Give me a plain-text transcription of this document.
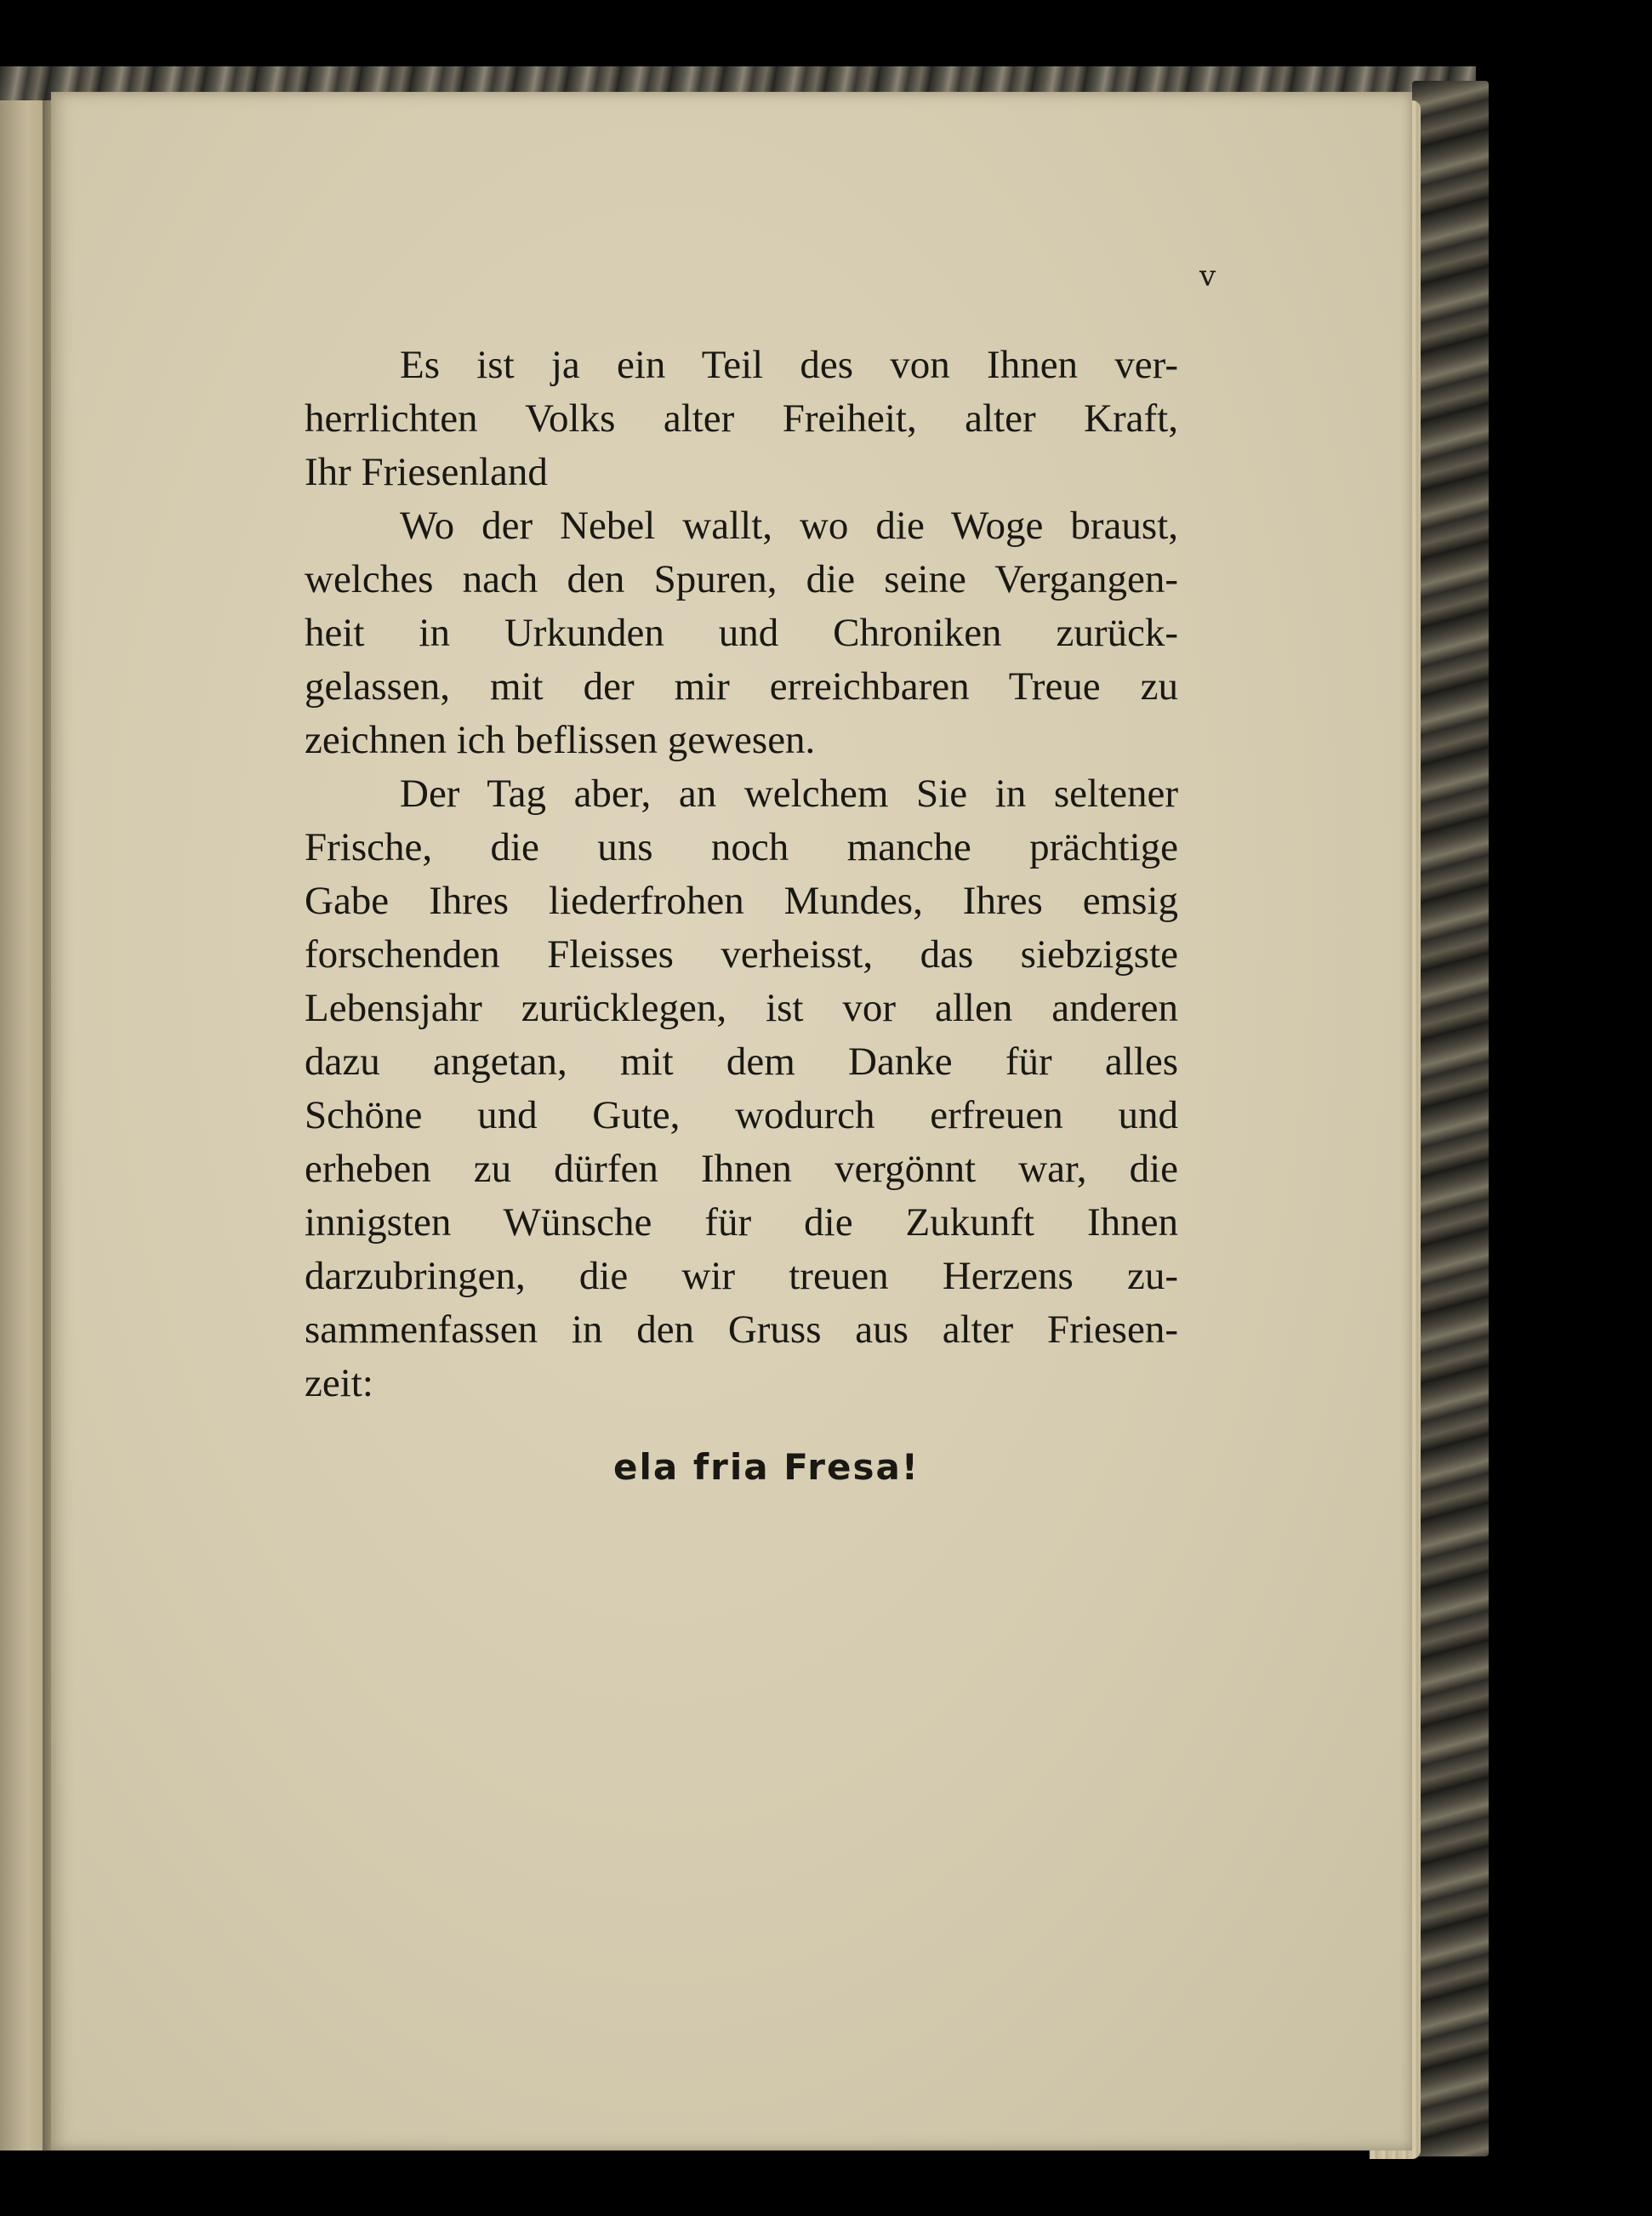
v

Es ist ja ein Teil des von Ihnen ver-
herrlichten Volks alter Freiheit, alter Kraft,
Ihr Friesenland

Wo der Nebel wallt, wo die Woge braust,
welches nach den Spuren, die seine Vergangen-
heit in Urkunden und Chroniken zurück-
gelassen, mit der mir erreichbaren Treue zu
zeichnen ich beflissen gewesen.

Der Tag aber, an welchem Sie in seltener
Frische, die uns noch manche prächtige
Gabe Ihres liederfrohen Mundes, Ihres emsig
forschenden Fleisses verheisst, das siebzigste
Lebensjahr zurücklegen, ist vor allen anderen
dazu angetan, mit dem Danke für alles
Schöne und Gute, wodurch erfreuen und
erheben zu dürfen Ihnen vergönnt war, die
innigsten Wünsche für die Zukunft Ihnen
darzubringen, die wir treuen Herzens zu-
sammenfassen in den Gruss aus alter Friesen-
zeit:

ela fria Fresa!
